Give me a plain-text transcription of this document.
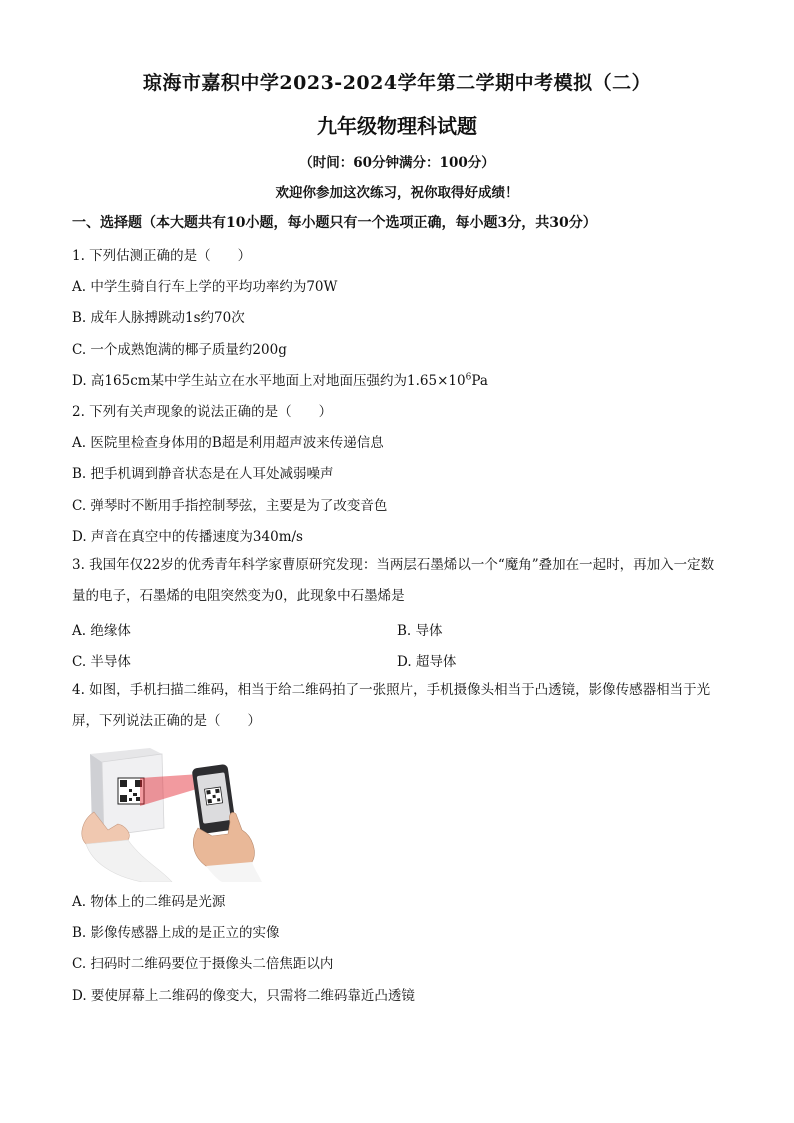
琼海市嘉积中学2023-2024学年第二学期中考模拟（二）
九年级物理科试题
（时间：60分钟满分：100分）
欢迎你参加这次练习，祝你取得好成绩！
一、选择题（本大题共有10小题，每小题只有一个选项正确，每小题3分，共30分）
1. 下列估测正确的是（　　）
A. 中学生骑自行车上学的平均功率约为70W
B. 成年人脉搏跳动1s约70次
C. 一个成熟饱满的椰子质量约200g
D. 高165cm某中学生站立在水平地面上对地面压强约为$1.65\times 10^6Pa$
2. 下列有关声现象的说法正确的是（　　）
A. 医院里检查身体用的B超是利用超声波来传递信息
B. 把手机调到静音状态是在人耳处减弱噪声
C. 弹琴时不断用手指控制琴弦，主要是为了改变音色
D. 声音在真空中的传播速度为340m/s
3. 我国年仅22岁的优秀青年科学家曹原研究发现：当两层石墨烯以一个“魔角”叠加在一起时，再加入一定数量的电子，石墨烯的电阻突然变为0，此现象中石墨烯是
A. 绝缘体	B. 导体
C. 半导体	D. 超导体
4. 如图，手机扫描二维码，相当于给二维码拍了一张照片，手机摄像头相当于凸透镜，影像传感器相当于光屏，下列说法正确的是（　　）
A. 物体上的二维码是光源
B. 影像传感器上成的是正立的实像
C. 扫码时二维码要位于摄像头二倍焦距以内
D. 要使屏幕上二维码的像变大，只需将二维码靠近凸透镜
